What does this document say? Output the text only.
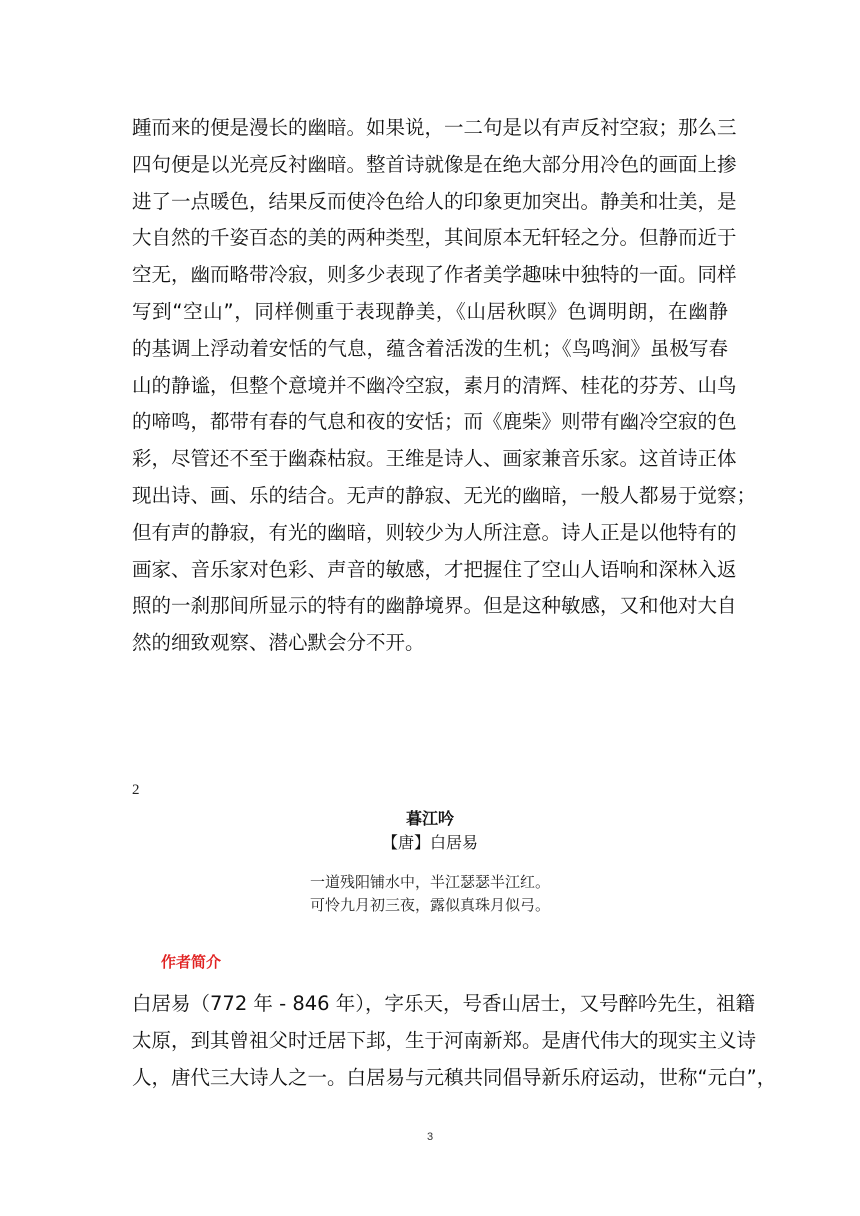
踵而来的便是漫长的幽暗。如果说，一二句是以有声反衬空寂；那么三
四句便是以光亮反衬幽暗。整首诗就像是在绝大部分用冷色的画面上掺
进了一点暖色，结果反而使冷色给人的印象更加突出。静美和壮美，是
大自然的千姿百态的美的两种类型，其间原本无轩轻之分。但静而近于
空无，幽而略带冷寂，则多少表现了作者美学趣味中独特的一面。同样
写到“空山”，同样侧重于表现静美，《山居秋暝》色调明朗，在幽静
的基调上浮动着安恬的气息，蕴含着活泼的生机；《鸟鸣涧》虽极写春
山的静谧，但整个意境并不幽冷空寂，素月的清辉、桂花的芬芳、山鸟
的啼鸣，都带有春的气息和夜的安恬；而《鹿柴》则带有幽冷空寂的色
彩，尽管还不至于幽森枯寂。王维是诗人、画家兼音乐家。这首诗正体
现出诗、画、乐的结合。无声的静寂、无光的幽暗，一般人都易于觉察；
但有声的静寂，有光的幽暗，则较少为人所注意。诗人正是以他特有的
画家、音乐家对色彩、声音的敏感，才把握住了空山人语响和深林入返
照的一刹那间所显示的特有的幽静境界。但是这种敏感，又和他对大自
然的细致观察、潜心默会分不开。
2
暮江吟
【唐】白居易
一道残阳铺水中，半江瑟瑟半江红。
可怜九月初三夜，露似真珠月似弓。
作者简介
白居易（772 年 - 846 年），字乐天，号香山居士，又号醉吟先生，祖籍
太原，到其曾祖父时迁居下邽，生于河南新郑。是唐代伟大的现实主义诗
人，唐代三大诗人之一。白居易与元稹共同倡导新乐府运动，世称“元白”，
3
